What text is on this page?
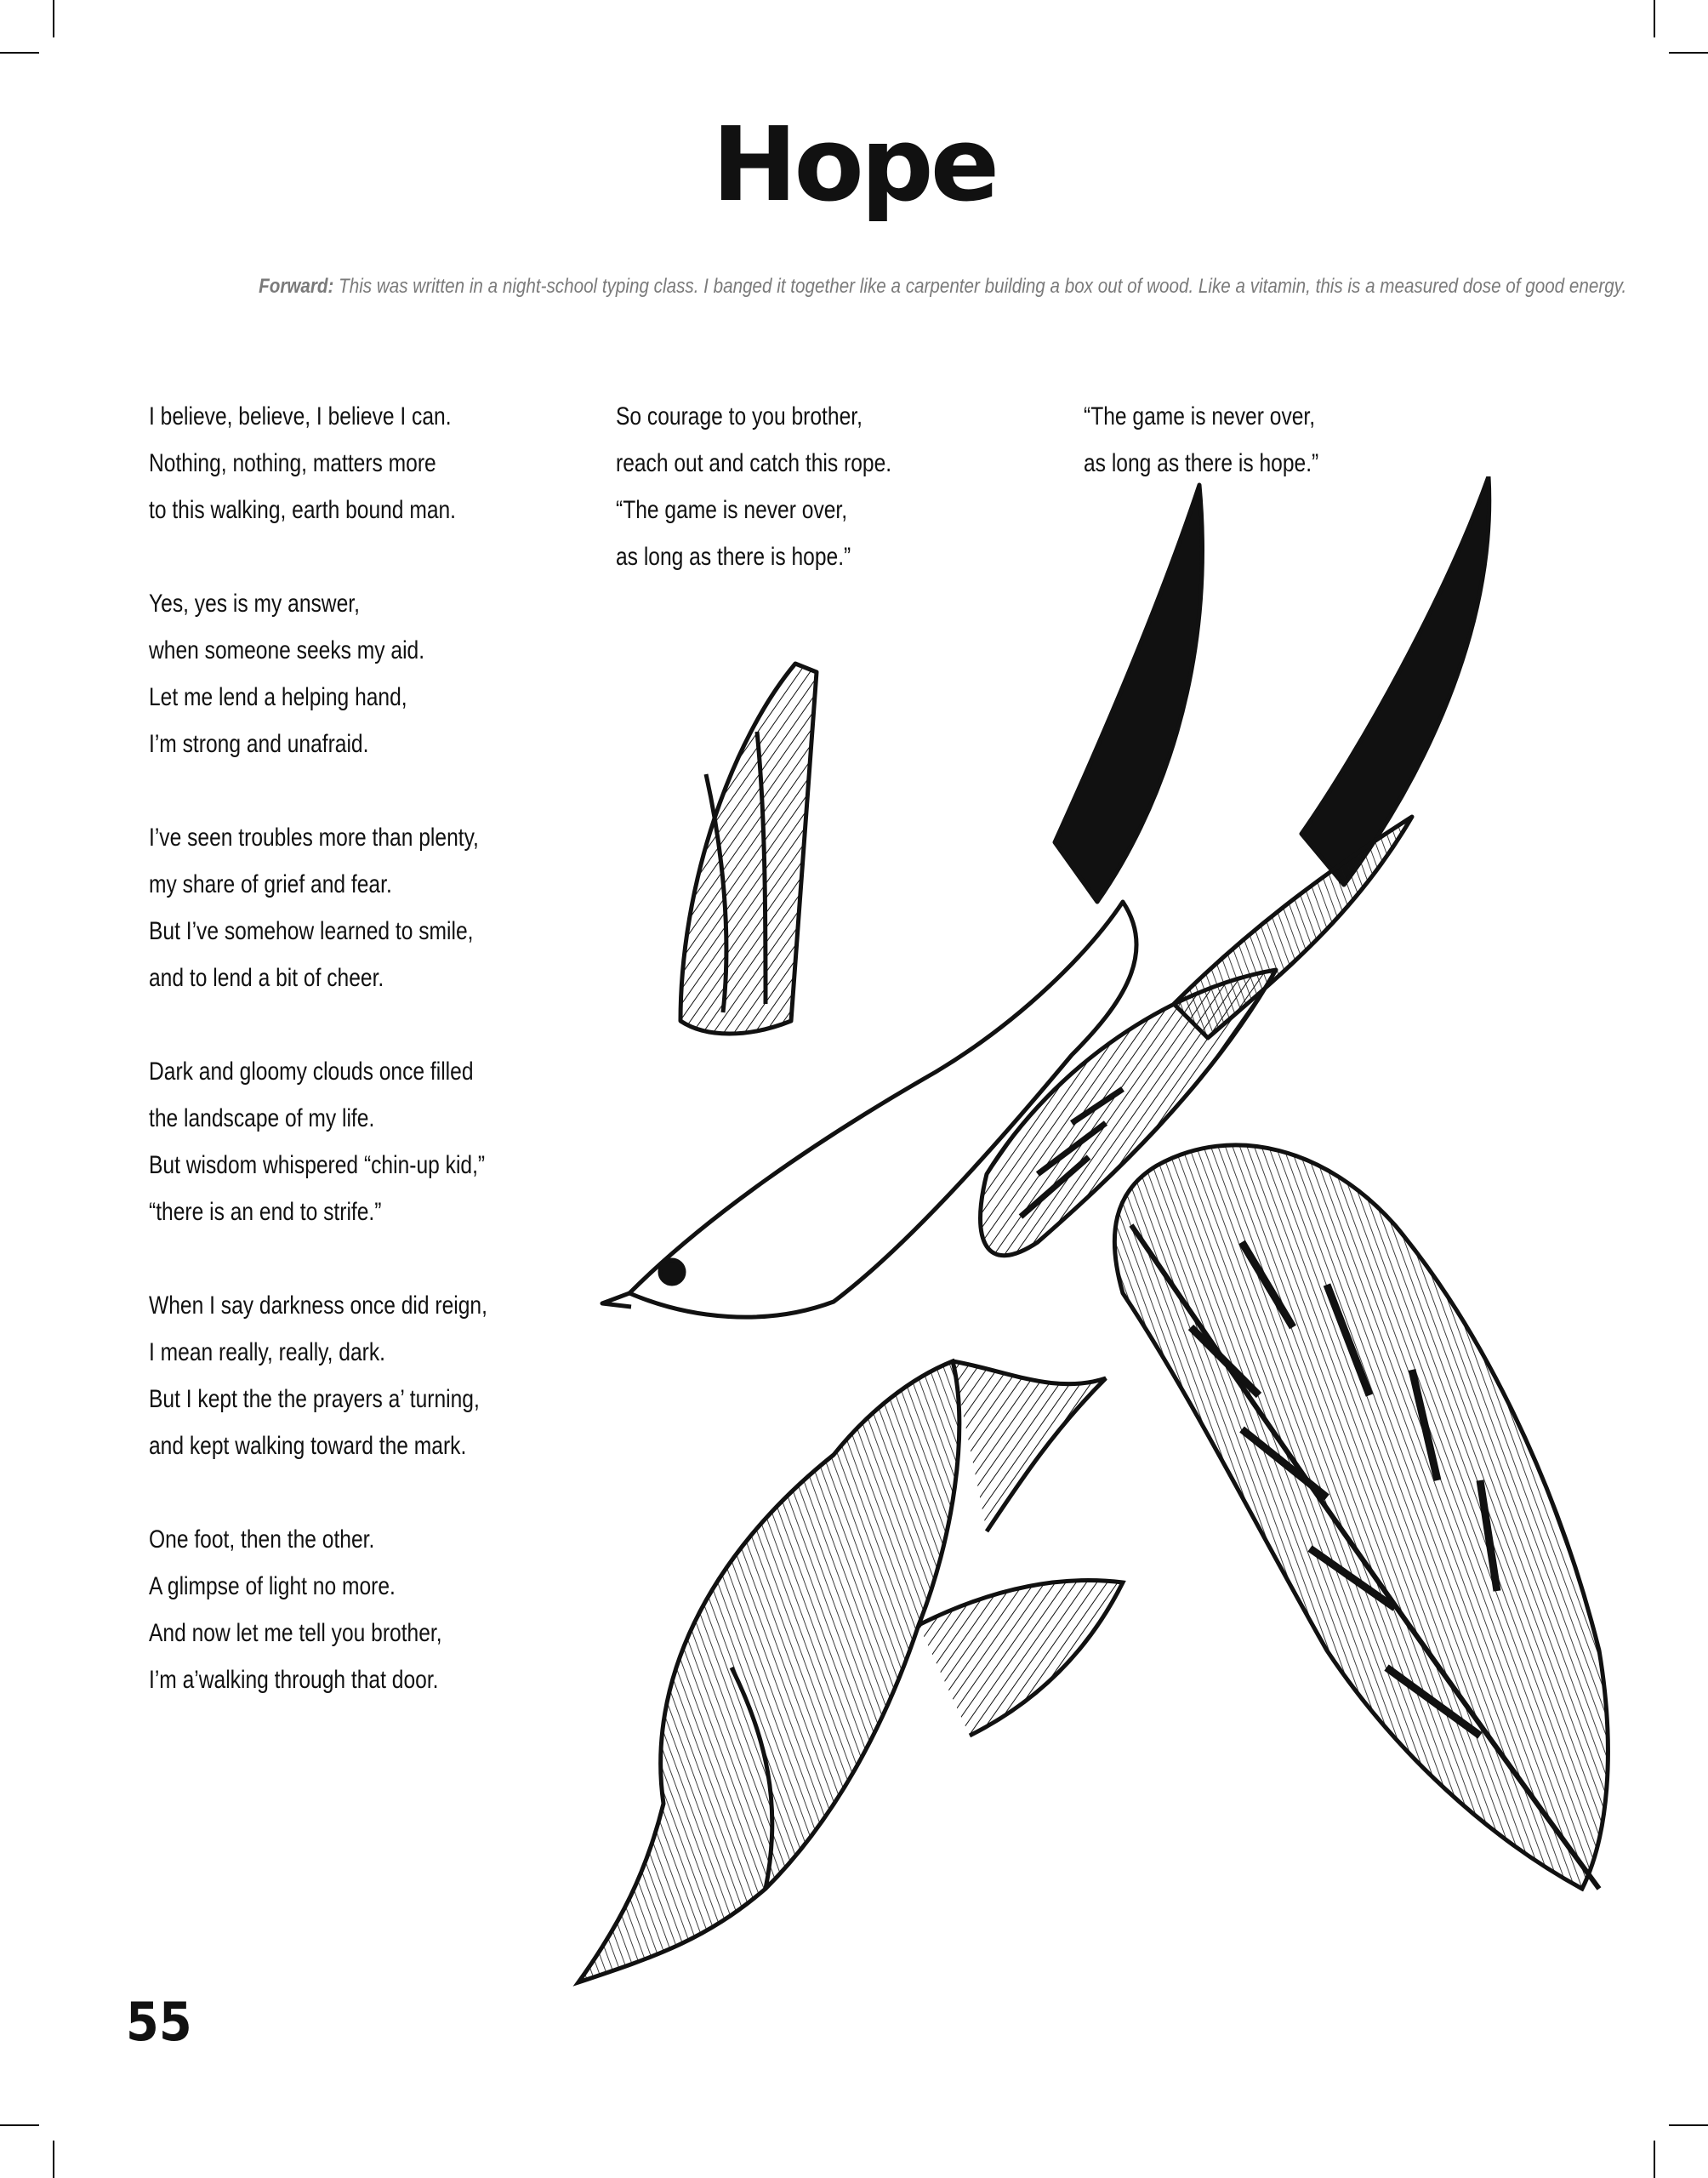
Hope
Forward: This was written in a night-school typing class. I banged it together like a carpenter building a box out of wood. Like a vitamin, this is a measured dose of good energy.
I believe, believe, I believe I can.
Nothing, nothing, matters more
to this walking, earth bound man.
Yes, yes is my answer,
when someone seeks my aid.
Let me lend a helping hand,
I’m strong and unafraid.
I’ve seen troubles more than plenty,
my share of grief and fear.
But I’ve somehow learned to smile,
and to lend a bit of cheer.
Dark and gloomy clouds once filled
the landscape of my life.
But wisdom whispered “chin-up kid,”
“there is an end to strife.”
When I say darkness once did reign,
I mean really, really, dark.
But I kept the the prayers a’ turning,
and kept walking toward the mark.
One foot, then the other.
A glimpse of light no more.
And now let me tell you brother,
I’m a’walking through that door.
So courage to you brother,
reach out and catch this rope.
“The game is never over,
as long as there is hope.”
“The game is never over,
as long as there is hope.”
55
